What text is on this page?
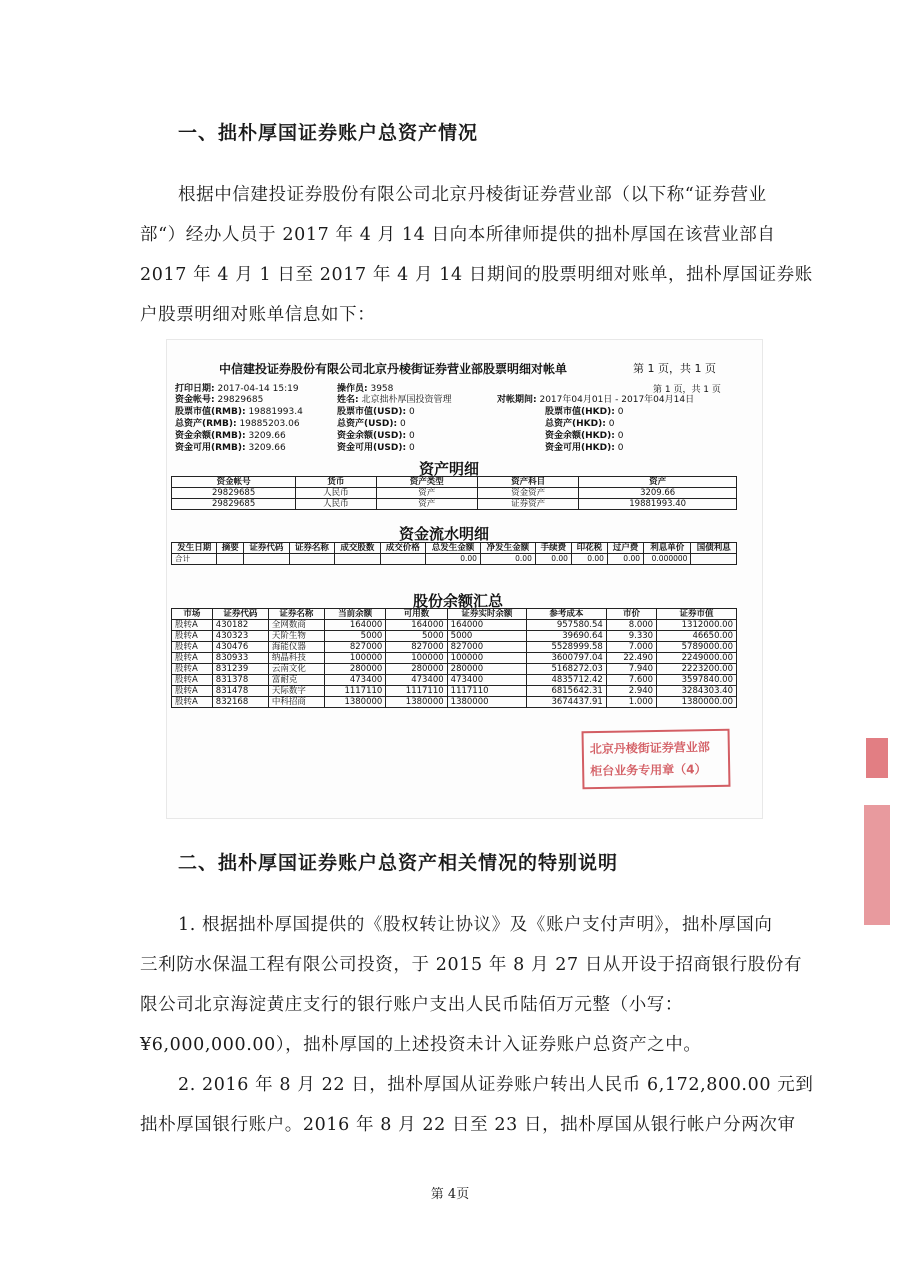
一、拙朴厚国证券账户总资产情况
根据中信建投证券股份有限公司北京丹棱街证券营业部（以下称“证券营业
部“）经办人员于 2017 年 4 月 14 日向本所律师提供的拙朴厚国在该营业部自
2017 年 4 月 1 日至 2017 年 4 月 14 日期间的股票明细对账单，拙朴厚国证券账
户股票明细对账单信息如下：
中信建投证券股份有限公司北京丹棱街证券营业部股票明细对帐单	第 1 页，共 1 页
第 1 页，共 1 页
打印日期: 2017-04-14 15:19	操作员: 3958
资金帐号: 29829685	姓名: 北京拙朴厚国投资管理	对帐期间: 2017年04月01日 - 2017年04月14日
股票市值(RMB): 19881993.4	股票市值(USD): 0	股票市值(HKD): 0
总资产(RMB): 19885203.06	总资产(USD): 0	总资产(HKD): 0
资金余额(RMB): 3209.66	资金余额(USD): 0	资金余额(HKD): 0
资金可用(RMB): 3209.66	资金可用(USD): 0	资金可用(HKD): 0
资产明细
资金帐号	货币	资产类型	资产科目	资产
29829685	人民币	资产	资金资产	3209.66
29829685	人民币	资产	证券资产	19881993.40
资金流水明细
发生日期	摘要	证券代码	证券名称	成交股数	成交价格	总发生金额	净发生金额	手续费	印花税	过户费	利息单价	国债利息
合计						0.00	0.00	0.00	0.00	0.00	0.000000	
股份余额汇总
市场	证券代码	证券名称	当前余额	可用数	证券实时余额	参考成本	市价	证券市值
股转A	430182	全网数商	164000	164000	164000	957580.54	8.000	1312000.00
股转A	430323	天阶生物	5000	5000	5000	39690.64	9.330	46650.00
股转A	430476	海能仪器	827000	827000	827000	5528999.58	7.000	5789000.00
股转A	830933	纳晶科技	100000	100000	100000	3600797.04	22.490	2249000.00
股转A	831239	云南文化	280000	280000	280000	5168272.03	7.940	2223200.00
股转A	831378	富耐克	473400	473400	473400	4835712.42	7.600	3597840.00
股转A	831478	天际数字	1117110	1117110	1117110	6815642.31	2.940	3284303.40
股转A	832168	中科招商	1380000	1380000	1380000	3674437.91	1.000	1380000.00
北京丹棱街证券营业部
柜台业务专用章（4）
二、拙朴厚国证券账户总资产相关情况的特别说明
1. 根据拙朴厚国提供的《股权转让协议》及《账户支付声明》，拙朴厚国向
三利防水保温工程有限公司投资，于 2015 年 8 月 27 日从开设于招商银行股份有
限公司北京海淀黄庄支行的银行账户支出人民币陆佰万元整（小写：
¥6,000,000.00），拙朴厚国的上述投资未计入证券账户总资产之中。
2. 2016 年 8 月 22 日，拙朴厚国从证券账户转出人民币 6,172,800.00 元到
拙朴厚国银行账户。2016 年 8 月 22 日至 23 日，拙朴厚国从银行帐户分两次审
第 4页
